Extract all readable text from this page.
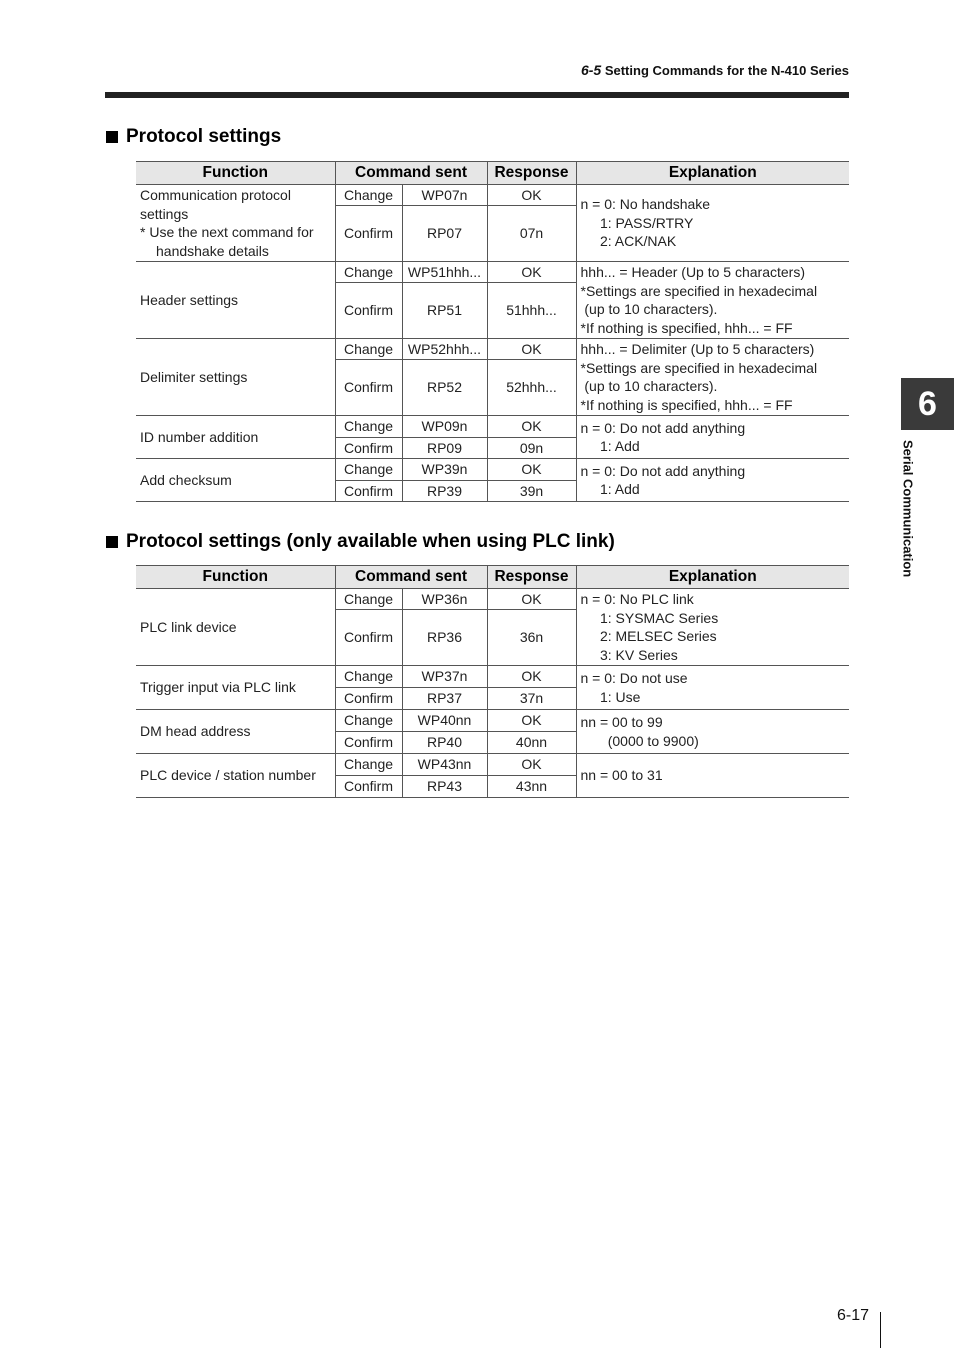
6-5 Setting Commands for the N-410 Series
Protocol settings
Function	Command sent		Response	Explanation

Communication protocol settings
* Use the next command for handshake details	Change	WP07n	OK	n = 0: No handshake
1: PASS/RTRY
2: ACK/NAK

	Confirm	RP07	07n	

Header settings	Change	WP51hhh...	OK	hhh... = Header (Up to 5 characters)
*Settings are specified in hexadecimal
(up to 10 characters).
*If nothing is specified, hhh... = FF

	Confirm	RP51	51hhh...	

Delimiter settings	Change	WP52hhh...	OK	hhh... = Delimiter (Up to 5 characters)
*Settings are specified in hexadecimal
(up to 10 characters).
*If nothing is specified, hhh... = FF

	Confirm	RP52	52hhh...	

ID number addition	Change	WP09n	OK	n = 0: Do not add anything
1: Add

	Confirm	RP09	09n	

Add checksum	Change	WP39n	OK	n = 0: Do not add anything
1: Add

	Confirm	RP39	39n	
Protocol settings (only available when using PLC link)
Function	Command sent		Response	Explanation

PLC link device	Change	WP36n	OK	n = 0: No PLC link
1: SYSMAC Series
2: MELSEC Series
3: KV Series

	Confirm	RP36	36n	

Trigger input via PLC link	Change	WP37n	OK	n = 0: Do not use
1: Use

	Confirm	RP37	37n	

DM head address	Change	WP40nn	OK	nn = 00 to 99
(0000 to 9900)

	Confirm	RP40	40nn	

PLC device / station number	Change	WP43nn	OK	nn = 00 to 31

	Confirm	RP43	43nn	
6
Serial Communication
6-17
